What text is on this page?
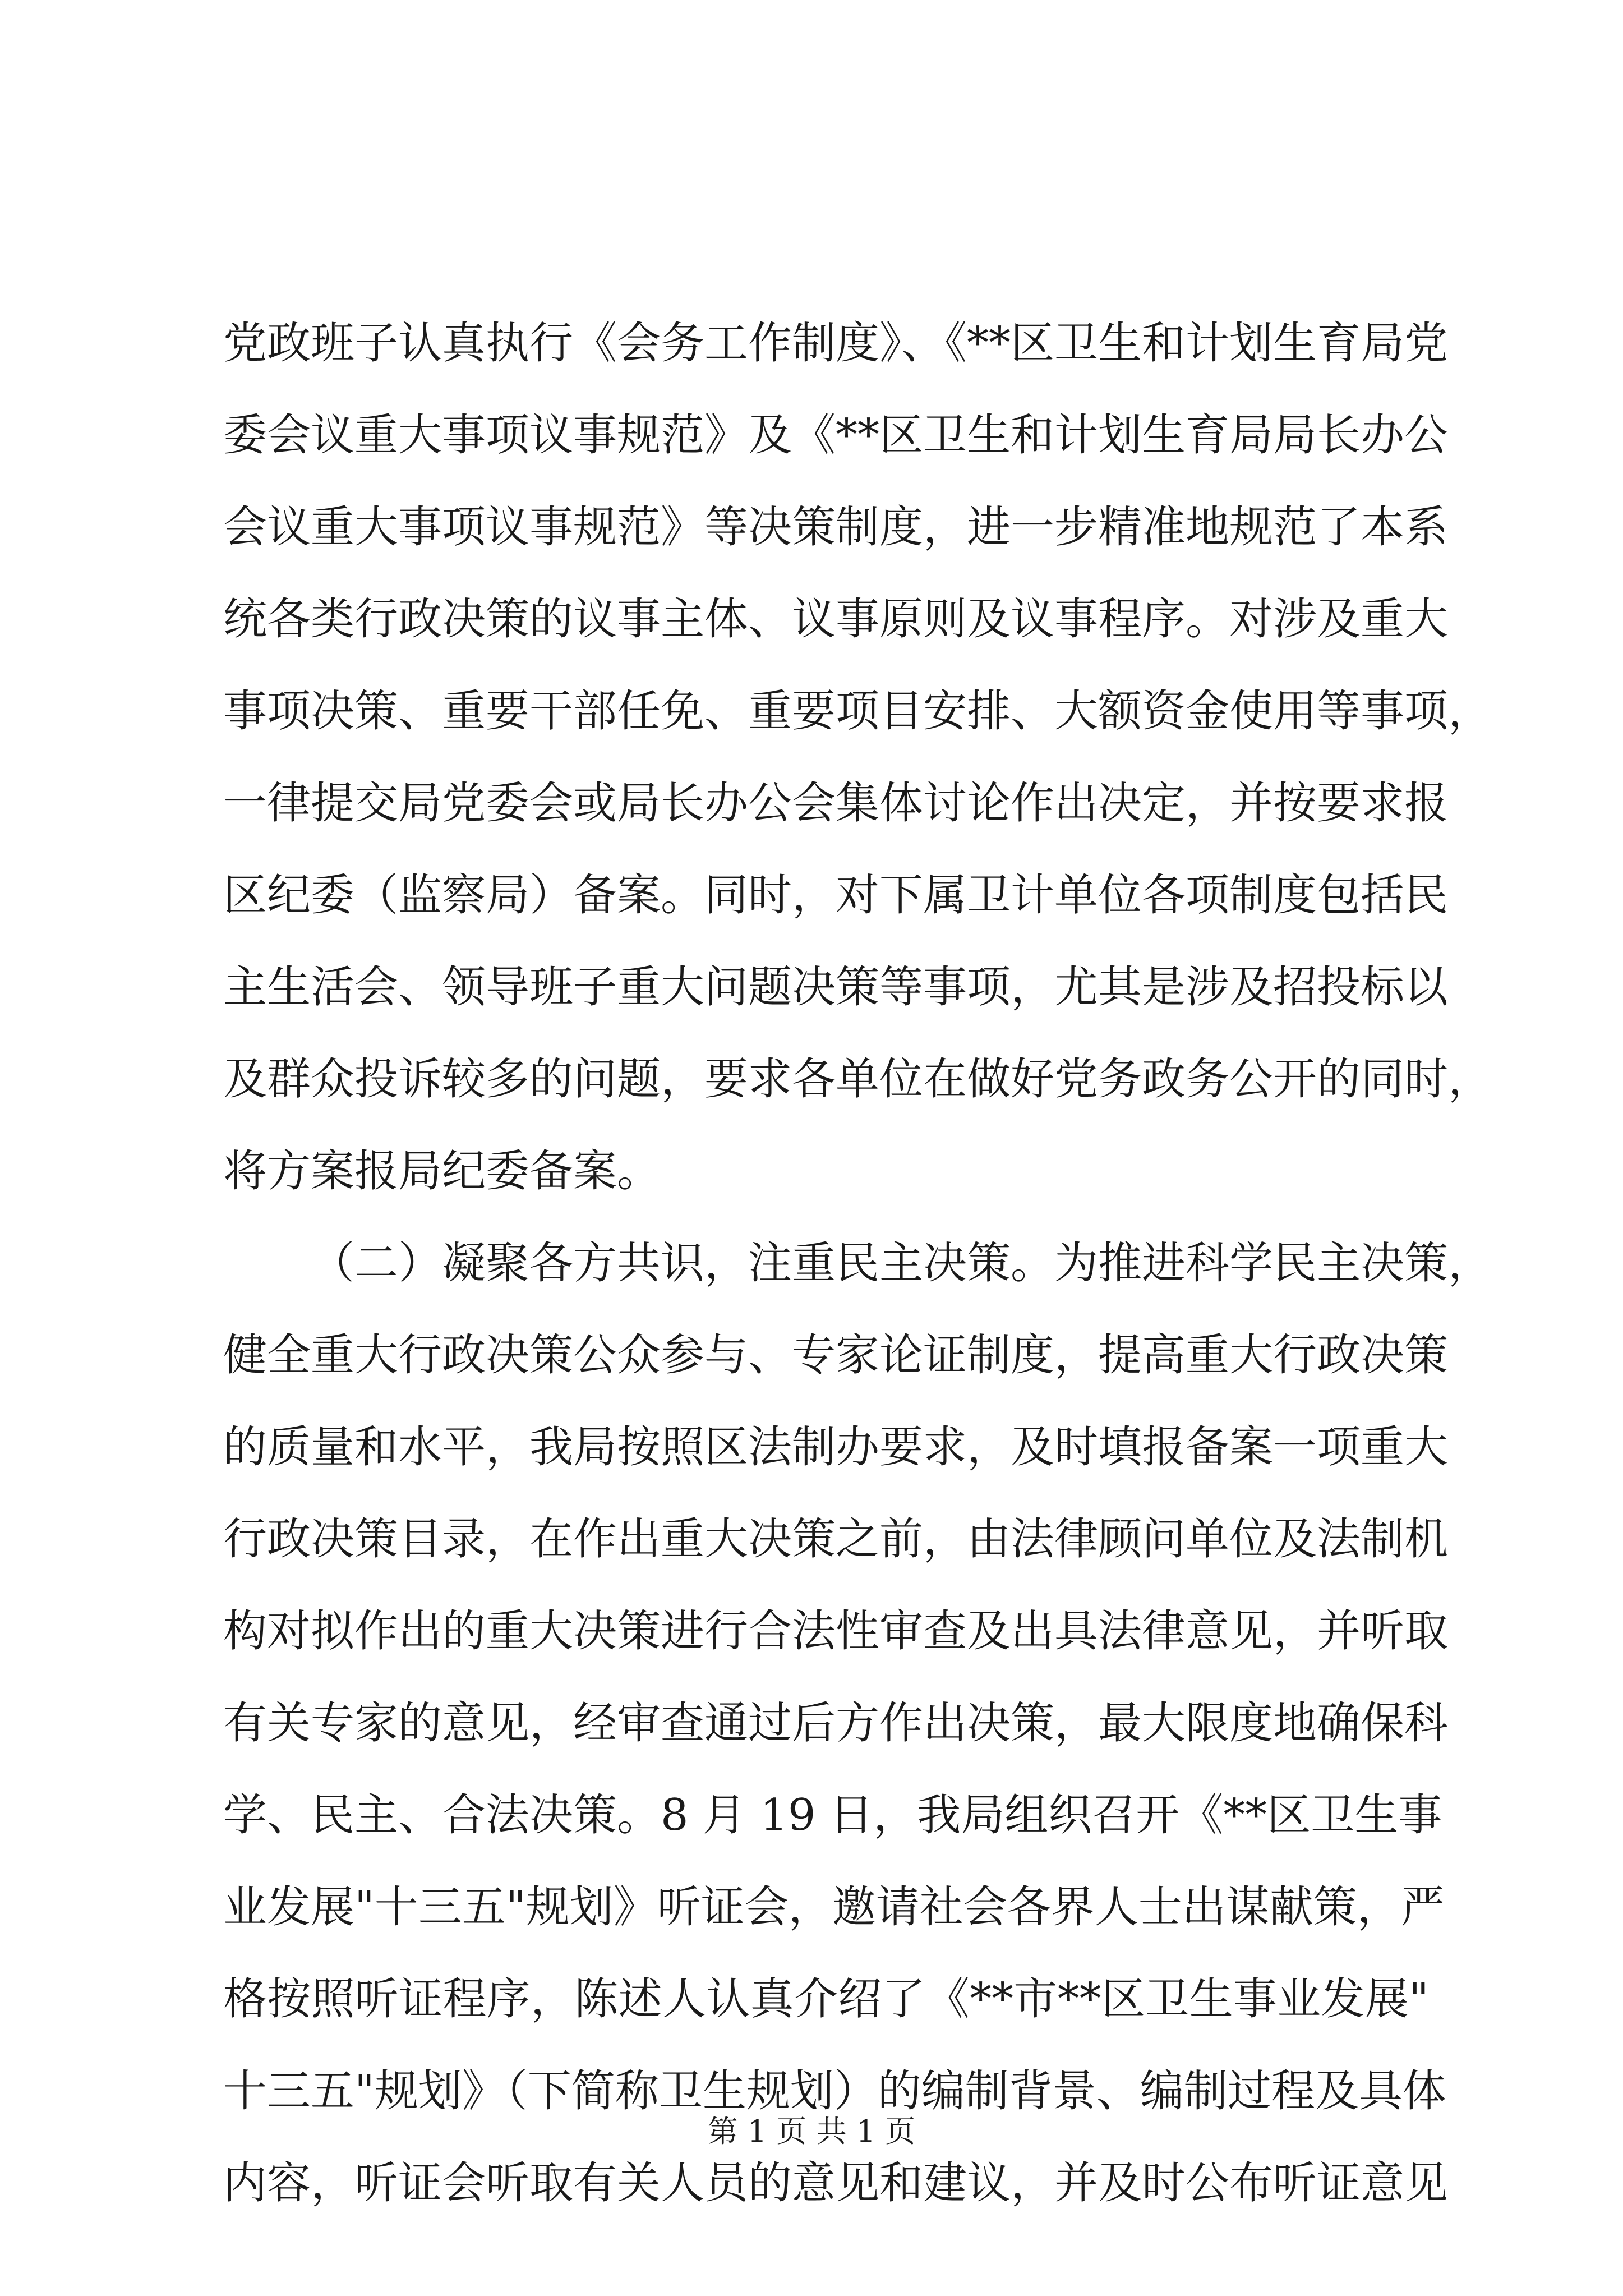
党政班子认真执行《会务工作制度》、《**区卫生和计划生育局党
委会议重大事项议事规范》及《**区卫生和计划生育局局长办公
会议重大事项议事规范》等决策制度，进一步精准地规范了本系
统各类行政决策的议事主体、议事原则及议事程序。对涉及重大
事项决策、重要干部任免、重要项目安排、大额资金使用等事项，
一律提交局党委会或局长办公会集体讨论作出决定，并按要求报
区纪委（监察局）备案。同时，对下属卫计单位各项制度包括民
主生活会、领导班子重大问题决策等事项，尤其是涉及招投标以
及群众投诉较多的问题，要求各单位在做好党务政务公开的同时，
将方案报局纪委备案。
（二）凝聚各方共识，注重民主决策。为推进科学民主决策，
健全重大行政决策公众参与、专家论证制度，提高重大行政决策
的质量和水平，我局按照区法制办要求，及时填报备案一项重大
行政决策目录，在作出重大决策之前，由法律顾问单位及法制机
构对拟作出的重大决策进行合法性审查及出具法律意见，并听取
有关专家的意见，经审查通过后方作出决策，最大限度地确保科
学、民主、合法决策。8 月 19 日，我局组织召开《**区卫生事
业发展"十三五"规划》听证会，邀请社会各界人士出谋献策，严
格按照听证程序，陈述人认真介绍了《**市**区卫生事业发展"
十三五"规划》（下简称卫生规划）的编制背景、编制过程及具体
内容，听证会听取有关人员的意见和建议，并及时公布听证意见
第 1 页 共 1 页
